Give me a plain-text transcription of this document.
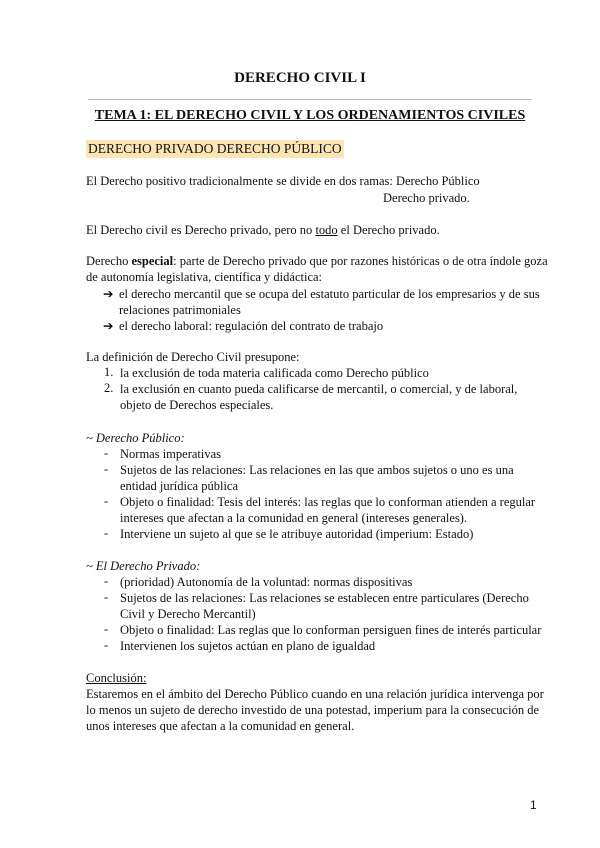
DERECHO CIVIL I
TEMA 1: EL DERECHO CIVIL Y LOS ORDENAMIENTOS CIVILES
DERECHO PRIVADO DERECHO PÚBLICO
El Derecho positivo tradicionalmente se divide en dos ramas: Derecho Público
Derecho privado.
El Derecho civil es Derecho privado, pero no todo el Derecho privado.
Derecho especial: parte de Derecho privado que por razones históricas o de otra índole goza
de autonomía legislativa, científica y didáctica:
➔ el derecho mercantil que se ocupa del estatuto particular de los empresarios y de sus
relaciones patrimoniales
➔ el derecho laboral: regulación del contrato de trabajo
La definición de Derecho Civil presupone:
1. la exclusión de toda materia calificada como Derecho público
2. la exclusión en cuanto pueda calificarse de mercantil, o comercial, y de laboral,
objeto de Derechos especiales.
~ Derecho Público:
- Normas imperativas
- Sujetos de las relaciones: Las relaciones en las que ambos sujetos o uno es una
entidad jurídica pública
- Objeto o finalidad: Tesis del interés: las reglas que lo conforman atienden a regular
intereses que afectan a la comunidad en general (intereses generales).
- Interviene un sujeto al que se le atribuye autoridad (imperium: Estado)
~ El Derecho Privado:
- (prioridad) Autonomía de la voluntad: normas dispositivas
- Sujetos de las relaciones: Las relaciones se establecen entre particulares (Derecho
Civil y Derecho Mercantil)
- Objeto o finalidad: Las reglas que lo conforman persiguen fines de interés particular
- Intervienen los sujetos actúan en plano de igualdad
Conclusión:
Estaremos en el ámbito del Derecho Público cuando en una relación jurídica intervenga por
lo menos un sujeto de derecho investido de una potestad, imperium para la consecución de
unos intereses que afectan a la comunidad en general.
1
